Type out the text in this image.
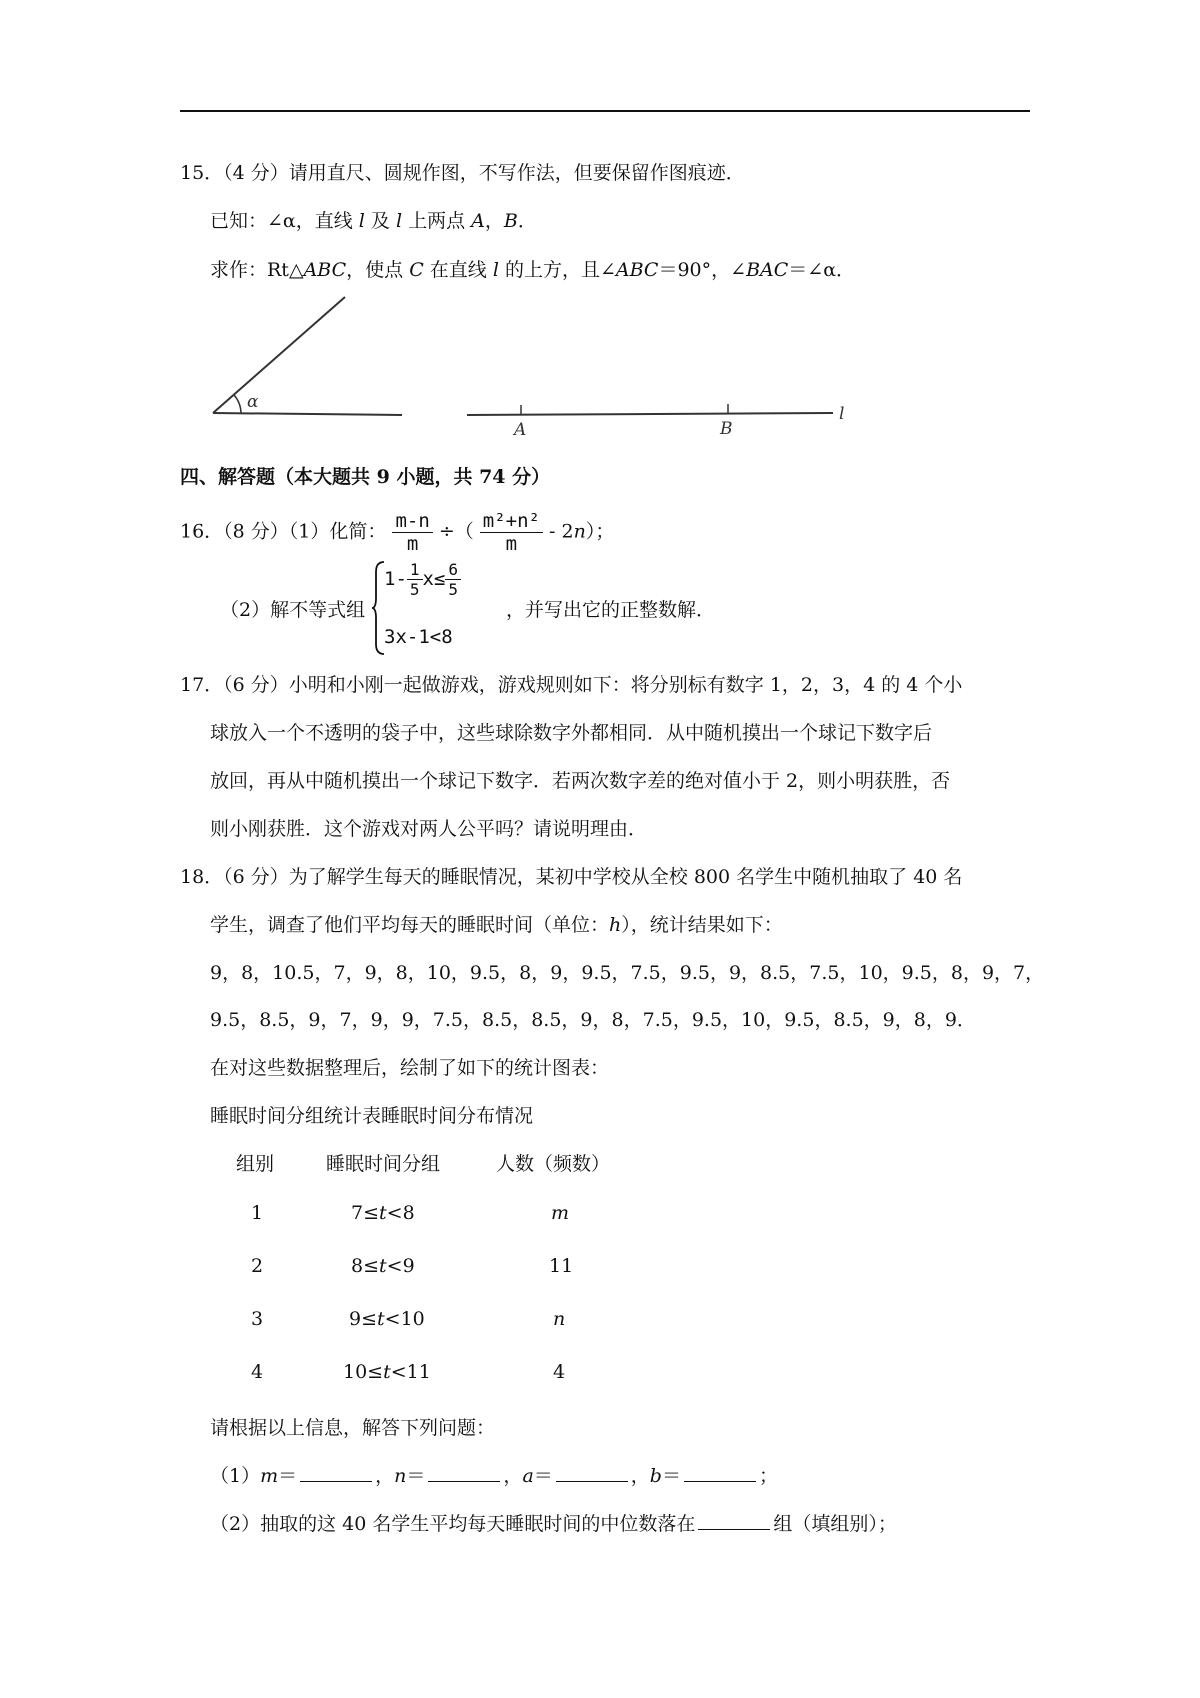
15．（4 分）请用直尺、圆规作图，不写作法，但要保留作图痕迹．
已知：∠α，直线 l 及 l 上两点 A，B．
求作：Rt△ABC，使点 C 在直线 l 的上方，且∠ABC＝90°，∠BAC＝∠α．
α
A	B
l
四、解答题（本大题共 9 小题，共 74 分）
16．（8 分）（1）化简： $\frac{m-n}{m}$ ÷（ $\frac{\text{m²+n²}}{m} - 2n$）；
（2）解不等式组
$1- \frac{1}{5} x\le \frac{6}{5}$
3x-1<8
，并写出它的正整数解．
17．（6 分）小明和小刚一起做游戏，游戏规则如下：将分别标有数字 1，2，3，4 的 4 个小
球放入一个不透明的袋子中，这些球除数字外都相同．从中随机摸出一个球记下数字后
放回，再从中随机摸出一个球记下数字．若两次数字差的绝对值小于 2，则小明获胜，否
则小刚获胜．这个游戏对两人公平吗？请说明理由．
18．（6 分）为了解学生每天的睡眠情况，某初中学校从全校 800 名学生中随机抽取了 40 名
学生，调查了他们平均每天的睡眠时间（单位：h），统计结果如下：
9，8，10.5，7，9，8，10，9.5，8，9，9.5，7.5，9.5，9，8.5，7.5，10，9.5，8，9，7，
9.5，8.5，9，7，9，9，7.5，8.5，8.5，9，8，7.5，9.5，10，9.5，8.5，9，8，9．
在对这些数据整理后，绘制了如下的统计图表：
睡眠时间分组统计表睡眠时间分布情况
组别	睡眠时间分组	人数（频数）
1	7≤t<8	m
2	8≤t<9	11
3	9≤t<10	n
4	10≤t<11	4
请根据以上信息，解答下列问题：
（1）m＝	，n＝	，a＝	，b＝	；
（2）抽取的这 40 名学生平均每天睡眠时间的中位数落在	组（填组别）；
